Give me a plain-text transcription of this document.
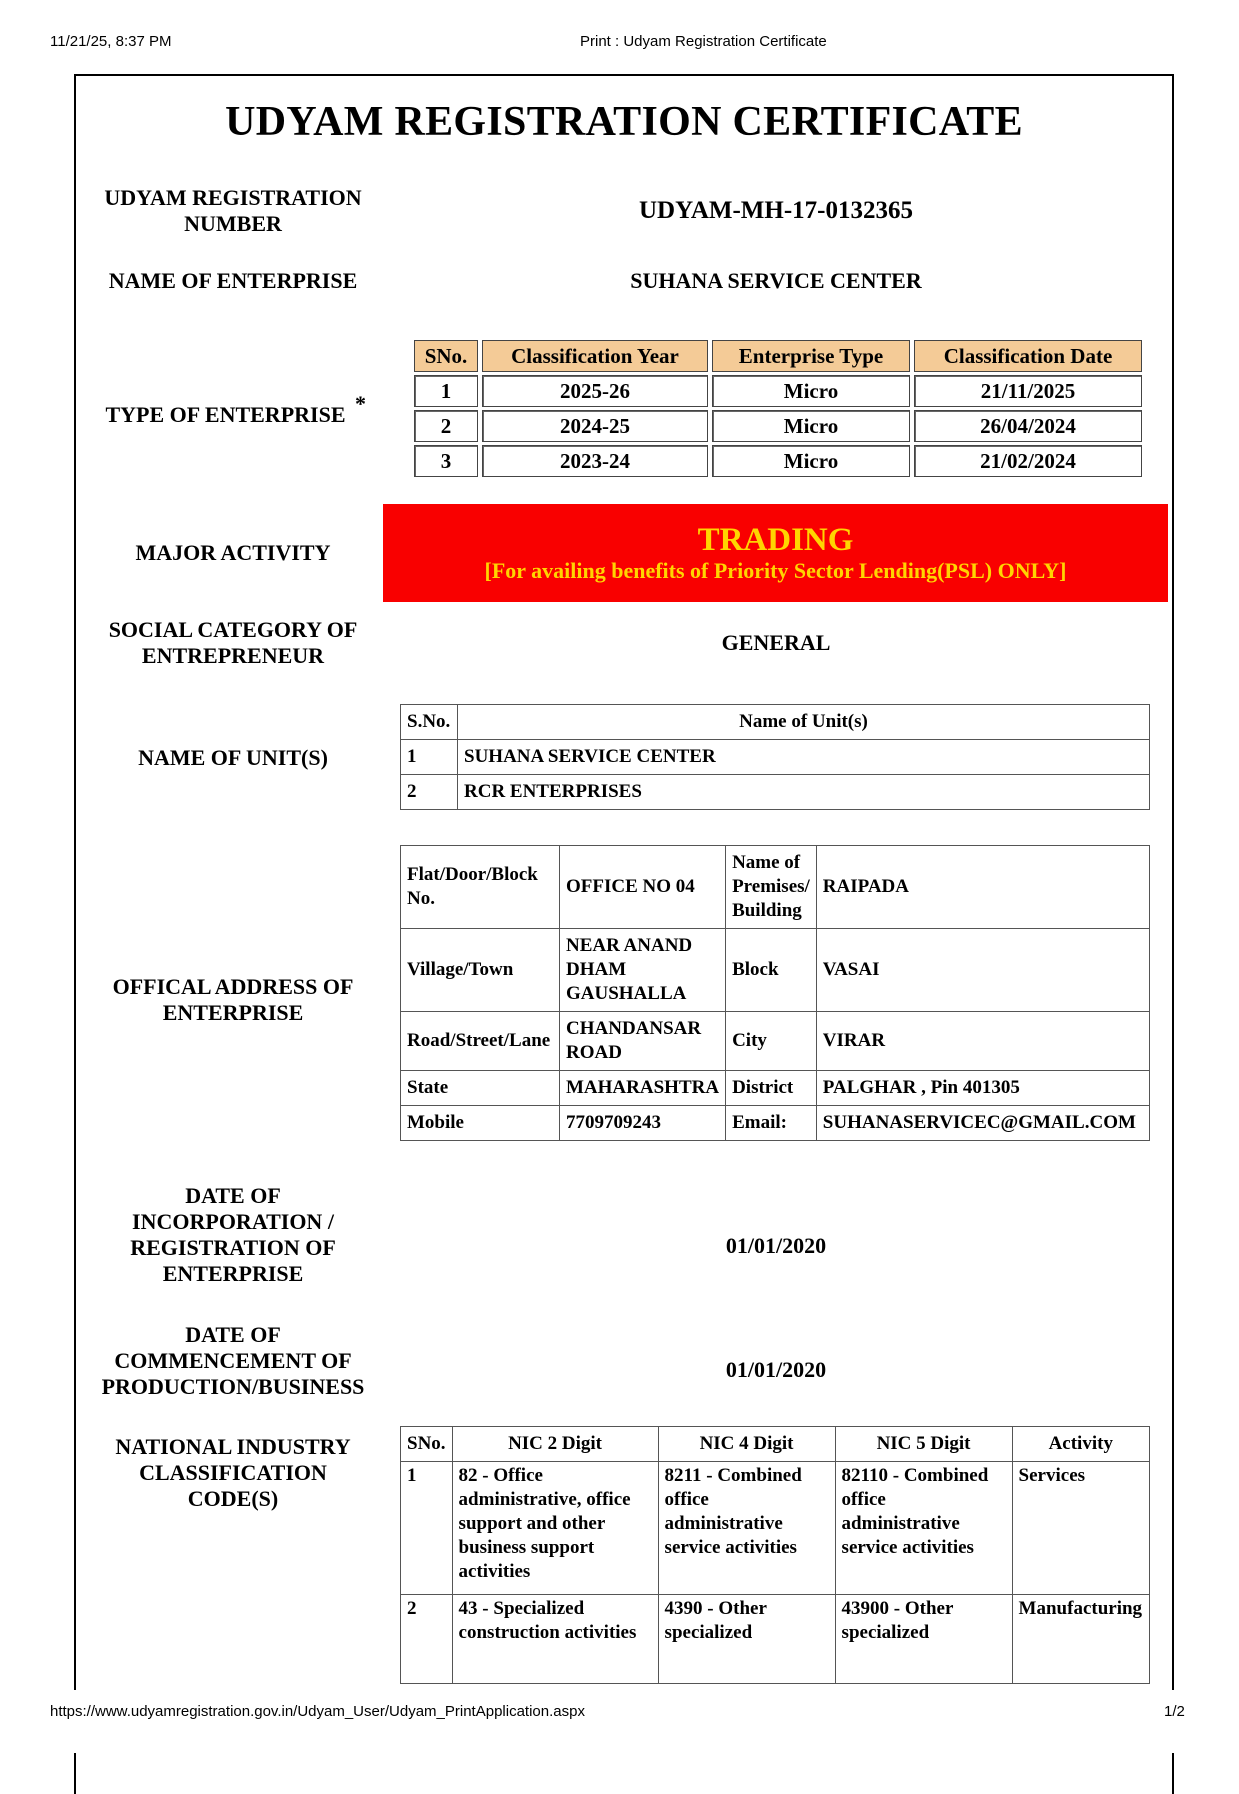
11/21/25, 8:37 PM	Print : Udyam Registration Certificate
UDYAM REGISTRATION CERTIFICATE
UDYAM REGISTRATION
NUMBER	UDYAM-MH-17-0132365
NAME OF ENTERPRISE	SUHANA SERVICE CENTER
TYPE OF ENTERPRISE *
SNo.	Classification Year	Enterprise Type	Classification Date
1	2025-26	Micro	21/11/2025
2	2024-25	Micro	26/04/2024
3	2023-24	Micro	21/02/2024
MAJOR ACTIVITY	TRADING
[For availing benefits of Priority Sector Lending(PSL) ONLY]
SOCIAL CATEGORY OF
ENTREPRENEUR
GENERAL
NAME OF UNIT(S)
S.No.	Name of Unit(s)
1	SUHANA SERVICE CENTER
2	RCR ENTERPRISES
OFFICAL ADDRESS OF
ENTERPRISE
Flat/Door/Block No.	OFFICE NO 04	Name of Premises/ Building	RAIPADA
Village/Town	NEAR ANAND DHAM GAUSHALLA	Block	VASAI
Road/Street/Lane	CHANDANSAR ROAD	City	VIRAR
State	MAHARASHTRA	District	PALGHAR , Pin 401305
Mobile	7709709243	Email:	SUHANASERVICEC@GMAIL.COM
DATE OF
INCORPORATION /
REGISTRATION OF
ENTERPRISE
01/01/2020
DATE OF
COMMENCEMENT OF
PRODUCTION/BUSINESS
01/01/2020
NATIONAL INDUSTRY
CLASSIFICATION
CODE(S)
SNo.	NIC 2 Digit	NIC 4 Digit	NIC 5 Digit	Activity
1	82 - Office administrative, office support and other business support activities	8211 - Combined office administrative service activities	82110 - Combined office administrative service activities	Services
2	43 - Specialized construction activities	4390 - Other specialized	43900 - Other specialized	Manufacturing
https://www.udyamregistration.gov.in/Udyam_User/Udyam_PrintApplication.aspx	1/2
